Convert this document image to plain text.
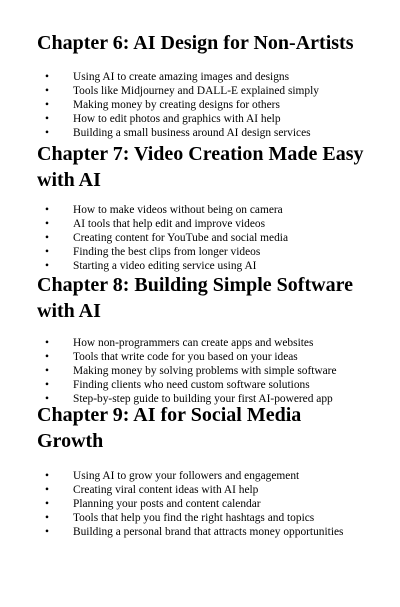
Chapter 6: AI Design for Non-Artists
• Using AI to create amazing images and designs
• Tools like Midjourney and DALL-E explained simply
• Making money by creating designs for others
• How to edit photos and graphics with AI help
• Building a small business around AI design services
Chapter 7: Video Creation Made Easy with AI
• How to make videos without being on camera
• AI tools that help edit and improve videos
• Creating content for YouTube and social media
• Finding the best clips from longer videos
• Starting a video editing service using AI
Chapter 8: Building Simple Software with AI
• How non-programmers can create apps and websites
• Tools that write code for you based on your ideas
• Making money by solving problems with simple software
• Finding clients who need custom software solutions
• Step-by-step guide to building your first AI-powered app
Chapter 9: AI for Social Media Growth
• Using AI to grow your followers and engagement
• Creating viral content ideas with AI help
• Planning your posts and content calendar
• Tools that help you find the right hashtags and topics
• Building a personal brand that attracts money opportunities
